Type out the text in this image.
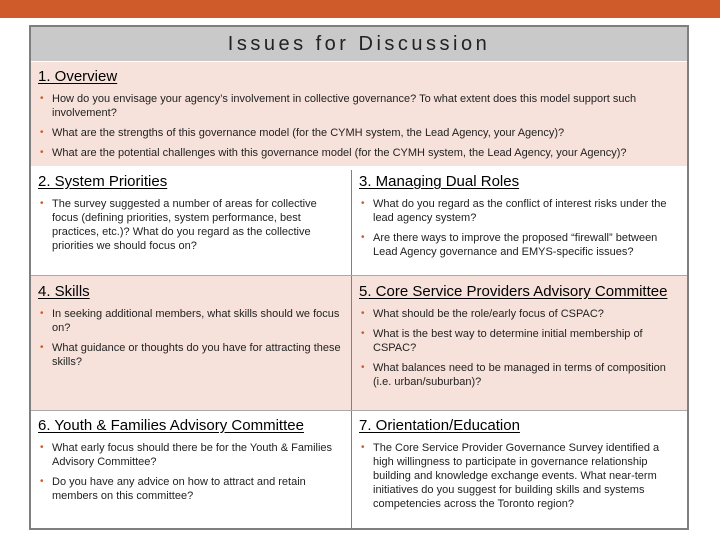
Issues for Discussion
1. Overview
• How do you envisage your agency’s involvement in collective governance? To what extent does this model support such involvement?
• What are the strengths of this governance model (for the CYMH system, the Lead Agency, your Agency)?
• What are the potential challenges with this governance model (for the CYMH system, the Lead Agency, your Agency)?
2. System Priorities
• The survey suggested a number of areas for collective focus (defining priorities, system performance, best practices, etc.)? What do you regard as the collective priorities we should focus on?
3. Managing Dual Roles
• What do you regard as the conflict of interest risks under the lead agency system?
• Are there ways to improve the proposed “firewall” between Lead Agency governance and EMYS-specific issues?
4. Skills
• In seeking additional members, what skills should we focus on?
• What guidance or thoughts do you have for attracting these skills?
5. Core Service Providers Advisory Committee
• What should be the role/early focus of CSPAC?
• What is the best way to determine initial membership of CSPAC?
• What balances need to be managed in terms of composition (i.e. urban/suburban)?
6. Youth & Families Advisory Committee
• What early focus should there be for the Youth & Families Advisory Committee?
• Do you have any advice on how to attract and retain members on this committee?
7. Orientation/Education
• The Core Service Provider Governance Survey identified a high willingness to participate in governance relationship building and knowledge exchange events. What near-term initiatives do you suggest for building skills and systems competencies across the Toronto region?
